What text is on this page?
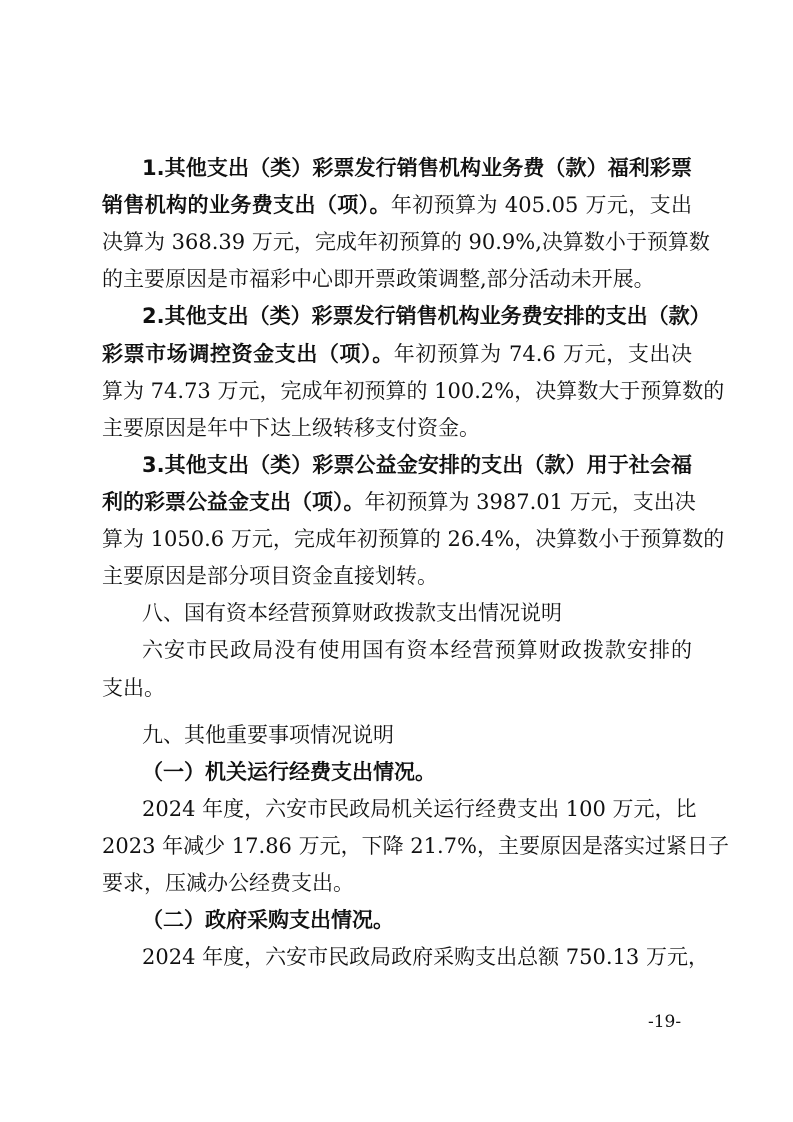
1.其他支出（类）彩票发行销售机构业务费（款）福利彩票
销售机构的业务费支出（项）。年初预算为 405.05 万元，支出
决算为 368.39 万元，完成年初预算的 90.9%,决算数小于预算数
的主要原因是市福彩中心即开票政策调整,部分活动未开展。
2.其他支出（类）彩票发行销售机构业务费安排的支出（款）
彩票市场调控资金支出（项）。年初预算为 74.6 万元，支出决
算为 74.73 万元，完成年初预算的 100.2%，决算数大于预算数的
主要原因是年中下达上级转移支付资金。
3.其他支出（类）彩票公益金安排的支出（款）用于社会福
利的彩票公益金支出（项）。年初预算为 3987.01 万元，支出决
算为 1050.6 万元，完成年初预算的 26.4%，决算数小于预算数的
主要原因是部分项目资金直接划转。
八、国有资本经营预算财政拨款支出情况说明
六安市民政局没有使用国有资本经营预算财政拨款安排的
支出。
九、其他重要事项情况说明
（一）机关运行经费支出情况。
2024 年度，六安市民政局机关运行经费支出 100 万元，比
2023 年减少 17.86 万元，下降 21.7%，主要原因是落实过紧日子
要求，压减办公经费支出。
（二）政府采购支出情况。
2024 年度，六安市民政局政府采购支出总额 750.13 万元，
-19-
